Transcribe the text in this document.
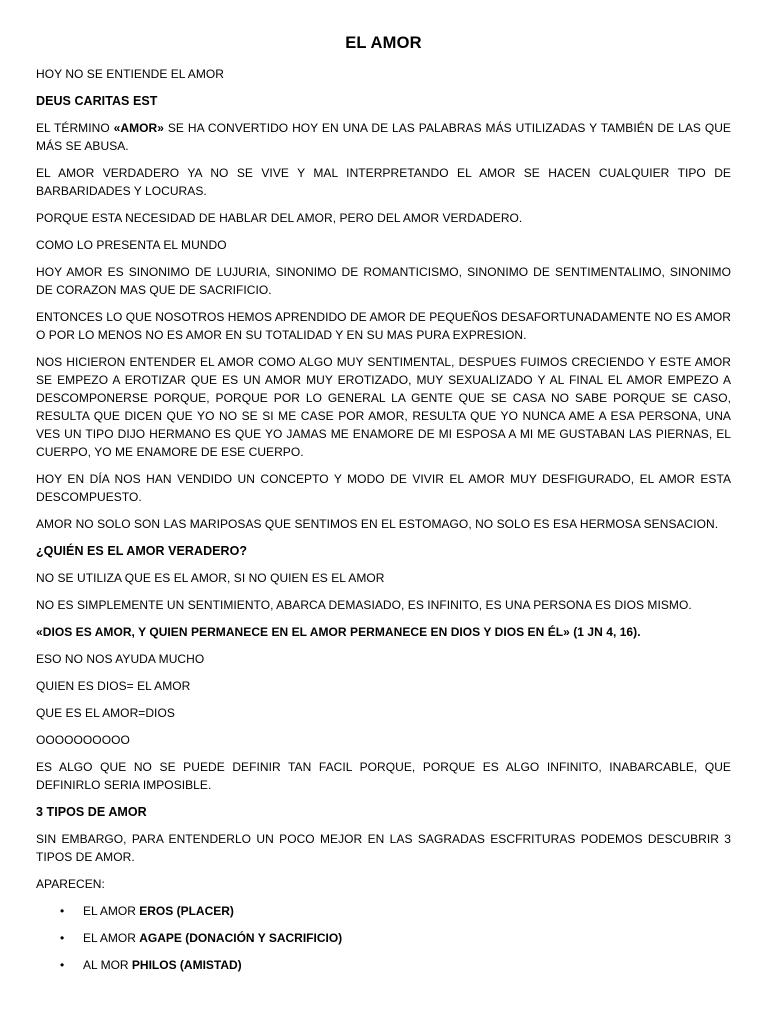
EL AMOR

HOY NO SE ENTIENDE EL AMOR

DEUS CARITAS EST

EL TÉRMINO «AMOR» SE HA CONVERTIDO HOY EN UNA DE LAS PALABRAS MÁS UTILIZADAS Y TAMBIÉN DE LAS QUE MÁS SE ABUSA.

EL AMOR VERDADERO YA NO SE VIVE Y MAL INTERPRETANDO EL AMOR SE HACEN CUALQUIER TIPO DE BARBARIDADES Y LOCURAS.

PORQUE ESTA NECESIDAD DE HABLAR DEL AMOR, PERO DEL AMOR VERDADERO.

COMO LO PRESENTA EL MUNDO

HOY AMOR ES SINONIMO DE LUJURIA, SINONIMO DE ROMANTICISMO, SINONIMO DE SENTIMENTALIMO, SINONIMO DE CORAZON MAS QUE DE SACRIFICIO.

ENTONCES LO QUE NOSOTROS HEMOS APRENDIDO DE AMOR DE PEQUEÑOS DESAFORTUNADAMENTE NO ES AMOR O POR LO MENOS NO ES AMOR EN SU TOTALIDAD Y EN SU MAS PURA EXPRESION.

NOS HICIERON ENTENDER EL AMOR COMO ALGO MUY SENTIMENTAL, DESPUES FUIMOS CRECIENDO Y ESTE AMOR SE EMPEZO A EROTIZAR QUE ES UN AMOR MUY EROTIZADO, MUY SEXUALIZADO Y AL FINAL EL AMOR EMPEZO A DESCOMPONERSE PORQUE, PORQUE POR LO GENERAL LA GENTE QUE SE CASA NO SABE PORQUE SE CASO, RESULTA QUE DICEN QUE YO NO SE SI ME CASE POR AMOR, RESULTA QUE YO NUNCA AME A ESA PERSONA, UNA VES UN TIPO DIJO HERMANO ES QUE YO JAMAS ME ENAMORE DE MI ESPOSA A MI ME GUSTABAN LAS PIERNAS, EL CUERPO, YO ME ENAMORE DE ESE CUERPO.

HOY EN DÍA NOS HAN VENDIDO UN CONCEPTO Y MODO DE VIVIR EL AMOR MUY DESFIGURADO, EL AMOR ESTA DESCOMPUESTO.

AMOR NO SOLO SON LAS MARIPOSAS QUE SENTIMOS EN EL ESTOMAGO, NO SOLO ES ESA HERMOSA SENSACION.

¿QUIÉN ES EL AMOR VERADERO?

NO SE UTILIZA QUE ES EL AMOR, SI NO QUIEN ES EL AMOR

NO ES SIMPLEMENTE UN SENTIMIENTO, ABARCA DEMASIADO, ES INFINITO, ES UNA PERSONA ES DIOS MISMO.

«DIOS ES AMOR, Y QUIEN PERMANECE EN EL AMOR PERMANECE EN DIOS Y DIOS EN ÉL» (1 JN 4, 16).

ESO NO NOS AYUDA MUCHO

QUIEN ES DIOS= EL AMOR

QUE ES EL AMOR=DIOS

OOOOOOOOOO

ES ALGO QUE NO SE PUEDE DEFINIR TAN FACIL PORQUE, PORQUE ES ALGO INFINITO, INABARCABLE, QUE DEFINIRLO SERIA IMPOSIBLE.

3 TIPOS DE AMOR

SIN EMBARGO, PARA ENTENDERLO UN POCO MEJOR EN LAS SAGRADAS ESCFRITURAS PODEMOS DESCUBRIR 3 TIPOS DE AMOR.

APARECEN:

• EL AMOR EROS (PLACER)
• EL AMOR AGAPE (DONACIÓN Y SACRIFICIO)
• AL MOR PHILOS (AMISTAD)
